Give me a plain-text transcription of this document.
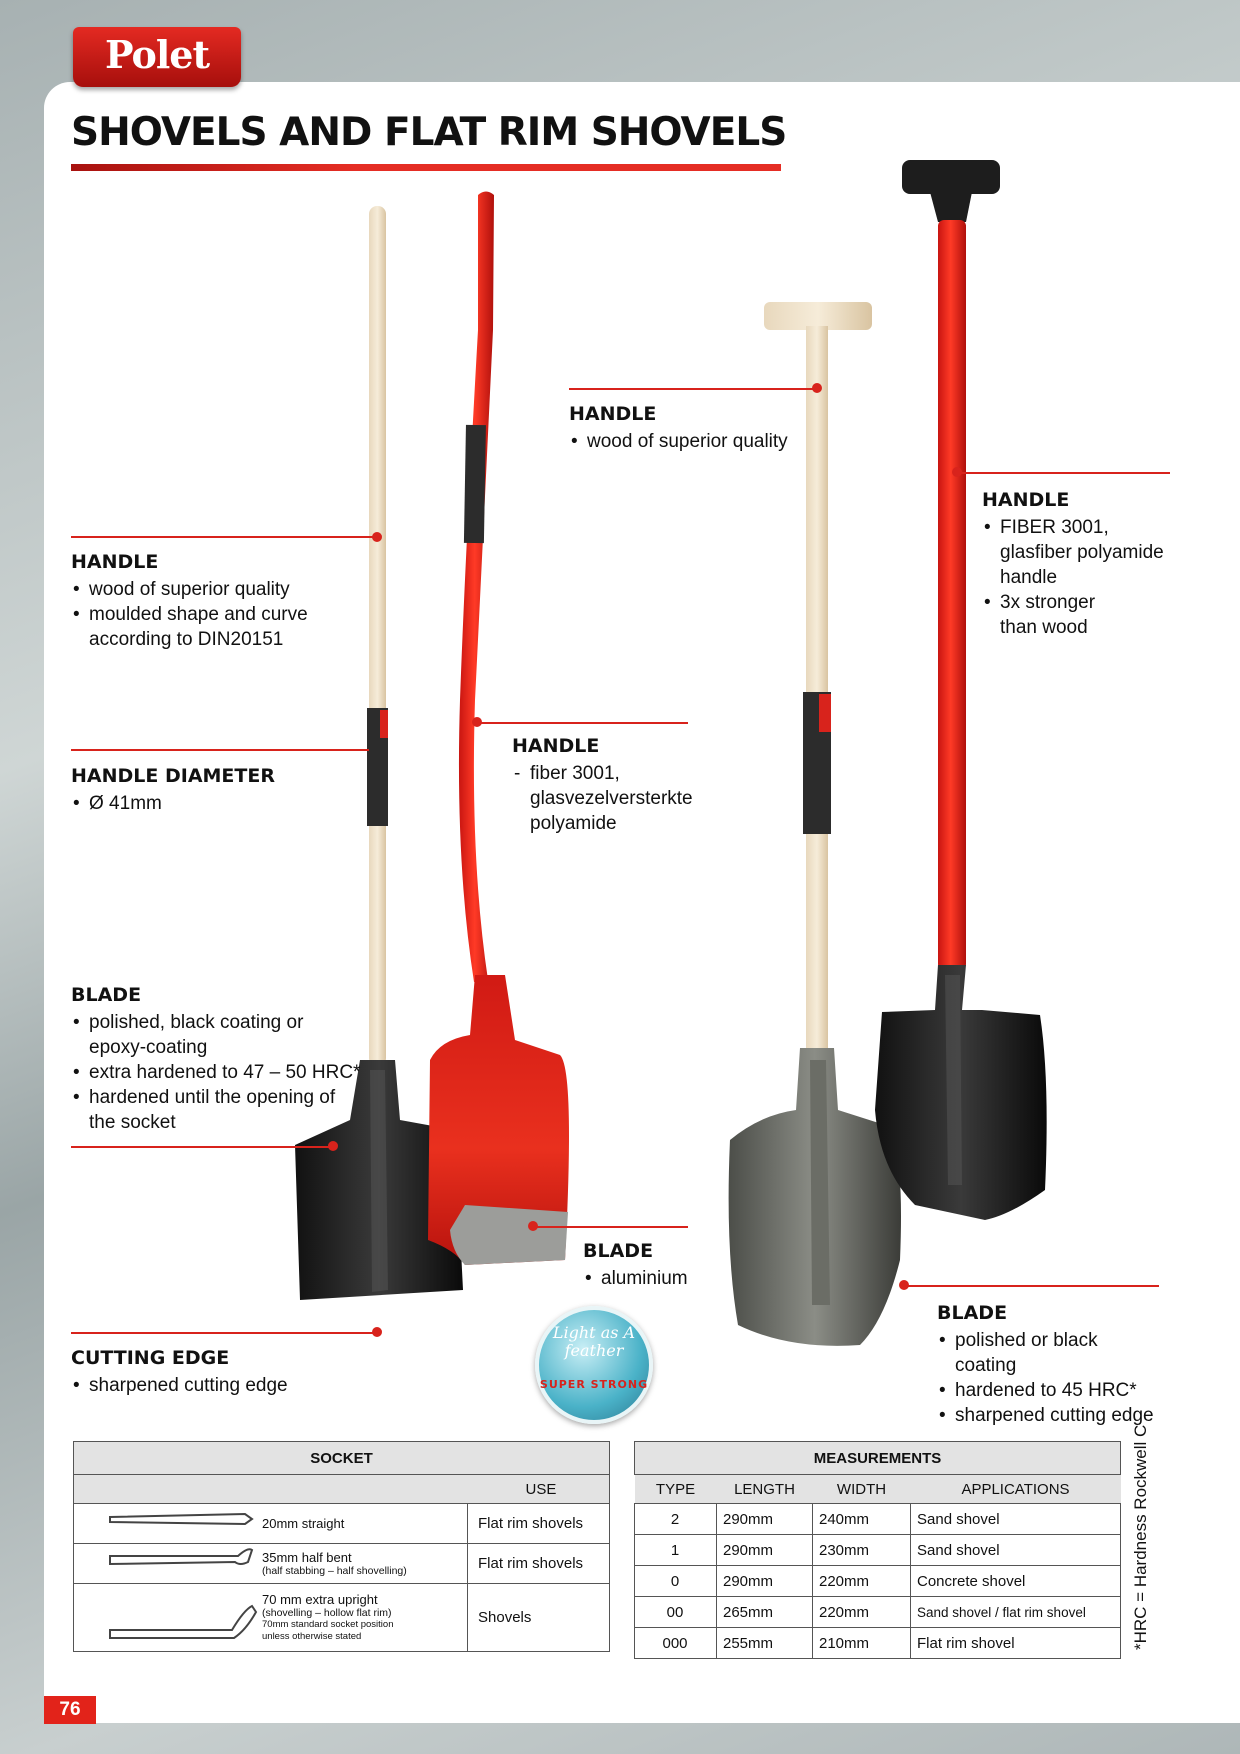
Polet
SHOVELS AND FLAT RIM SHOVELS
HANDLE
• wood of superior quality
• moulded shape and curve according to DIN20151
HANDLE DIAMETER
• Ø 41mm
BLADE
• polished, black coating or epoxy-coating
• extra hardened to 47 – 50 HRC*
• hardened until the opening of the socket
CUTTING EDGE
• sharpened cutting edge
HANDLE
- fiber 3001, glasvezelversterkte polyamide
BLADE
• aluminium
HANDLE
• wood of superior quality
HANDLE
• FIBER 3001, glasfiber polyamide handle
• 3x stronger than wood
BLADE
• polished or black coating
• hardened to 45 HRC*
• sharpened cutting edge
Light as A feather
SUPER STRONG
SOCKET		
		USE
	20mm straight	Flat rim shovels

	35mm half bent
(half stabbing – half shovelling)	Flat rim shovels

	70 mm extra upright
(shovelling – hollow flat rim)
70mm standard socket position unless otherwise stated	Shovels
MEASUREMENTS			
TYPE	LENGTH	WIDTH	APPLICATIONS
2	290mm	240mm	Sand shovel
1	290mm	230mm	Sand shovel
0	290mm	220mm	Concrete shovel
00	265mm	220mm	Sand shovel / flat rim shovel
000	255mm	210mm	Flat rim shovel	*HRC = Hardness Rockwell C
76
